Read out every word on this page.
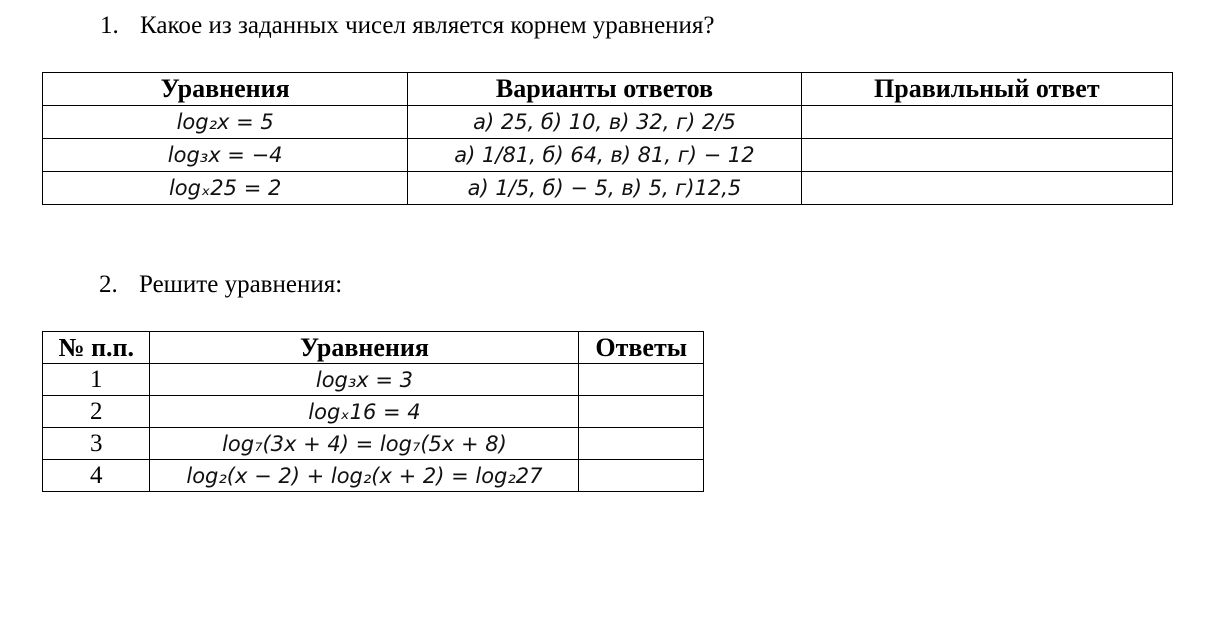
1. Какое из заданных чисел является корнем уравнения?
Уравнения	Варианты ответов	Правильный ответ
log₂x = 5	а) 25, б) 10, в) 32, г) 2/5	
log₃x = −4	а) 1/81, б) 64, в) 81, г) − 12	
logₓ25 = 2	а) 1/5, б) − 5, в) 5, г)12,5	
2. Решите уравнения:
№ п.п.	Уравнения	Ответы
1	log₃x = 3	
2	logₓ16 = 4	
3	log₇(3x + 4) = log₇(5x + 8)	
4	log₂(x − 2) + log₂(x + 2) = log₂27	
